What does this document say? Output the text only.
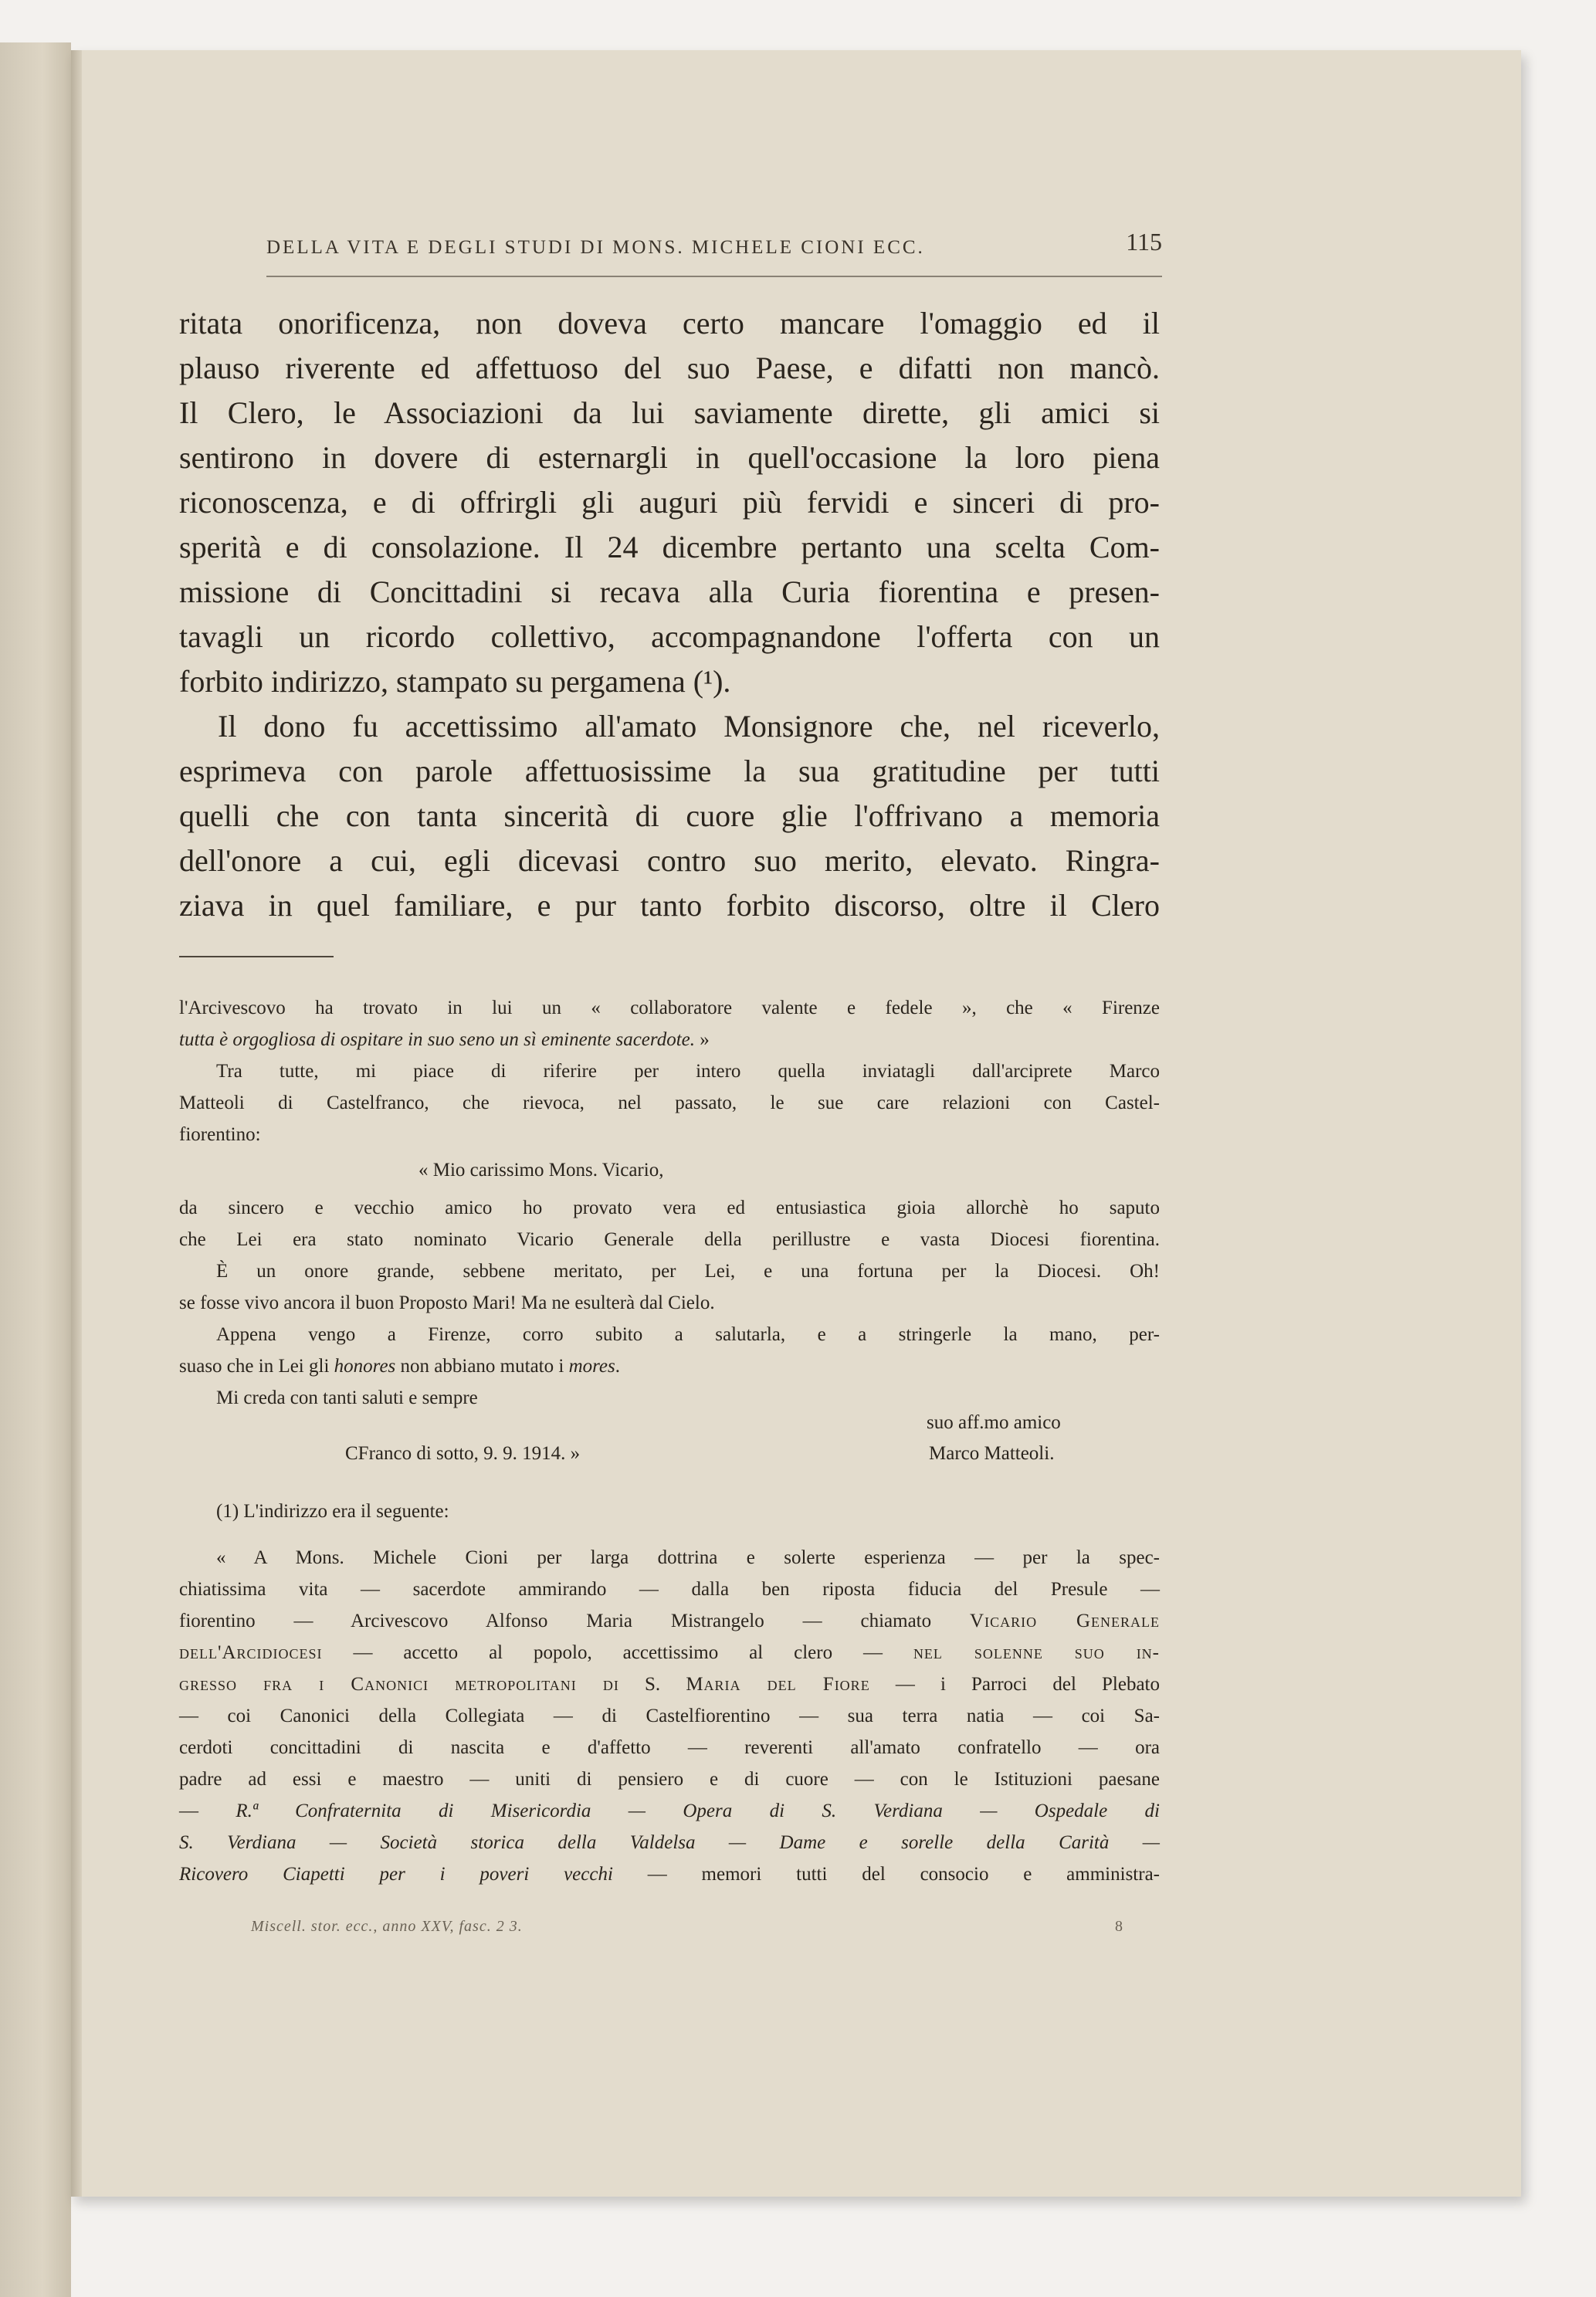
DELLA VITA E DEGLI STUDI DI MONS. MICHELE CIONI ECC.	115

ritata onorificenza, non doveva certo mancare l'omaggio ed il
plauso riverente ed affettuoso del suo Paese, e difatti non mancò.
Il Clero, le Associazioni da lui saviamente dirette, gli amici si
sentirono in dovere di esternargli in quell'occasione la loro piena
riconoscenza, e di offrirgli gli auguri più fervidi e sinceri di pro-
sperità e di consolazione. Il 24 dicembre pertanto una scelta Com-
missione di Concittadini si recava alla Curia fiorentina e presen-
tavagli un ricordo collettivo, accompagnandone l'offerta con un
forbito indirizzo, stampato su pergamena (¹).

Il dono fu accettissimo all'amato Monsignore che, nel riceverlo,
esprimeva con parole affettuosissime la sua gratitudine per tutti
quelli che con tanta sincerità di cuore glie l'offrivano a memoria
dell'onore a cui, egli dicevasi contro suo merito, elevato. Ringra-
ziava in quel familiare, e pur tanto forbito discorso, oltre il Clero

l'Arcivescovo ha trovato in lui un « collaboratore valente e fedele », che « Firenze
tutta è orgogliosa di ospitare in suo seno un sì eminente sacerdote. »
Tra tutte, mi piace di riferire per intero quella inviatagli dall'arciprete Marco
Matteoli di Castelfranco, che rievoca, nel passato, le sue care relazioni con Castel-
fiorentino:
« Mio carissimo Mons. Vicario,
da sincero e vecchio amico ho provato vera ed entusiastica gioia allorchè ho saputo
che Lei era stato nominato Vicario Generale della perillustre e vasta Diocesi fiorentina.
È un onore grande, sebbene meritato, per Lei, e una fortuna per la Diocesi. Oh!
se fosse vivo ancora il buon Proposto Mari! Ma ne esulterà dal Cielo.
Appena vengo a Firenze, corro subito a salutarla, e a stringerle la mano, per-
suaso che in Lei gli honores non abbiano mutato i mores.
Mi creda con tanti saluti e sempre
suo aff.mo amico
CFranco di sotto, 9. 9. 1914. »	Marco Matteoli.
(1) L'indirizzo era il seguente:
« A Mons. Michele Cioni per larga dottrina e solerte esperienza — per la spec-
chiatissima vita — sacerdote ammirando — dalla ben riposta fiducia del Presule —
fiorentino — Arcivescovo Alfonso Maria Mistrangelo — chiamato Vicario Generale
dell'Arcidiocesi — accetto al popolo, accettissimo al clero — nel solenne suo in-
gresso fra i Canonici metropolitani di S. Maria del Fiore — i Parroci del Plebato
— coi Canonici della Collegiata — di Castelfiorentino — sua terra natia — coi Sa-
cerdoti concittadini di nascita e d'affetto — reverenti all'amato confratello — ora
padre ad essi e maestro — uniti di pensiero e di cuore — con le Istituzioni paesane
— R.ª Confraternita di Misericordia — Opera di S. Verdiana — Ospedale di
S. Verdiana — Società storica della Valdelsa — Dame e sorelle della Carità —
Ricovero Ciapetti per i poveri vecchi — memori tutti del consocio e amministra-
Miscell. stor. ecc., anno XXV, fasc. 2 3.	8
